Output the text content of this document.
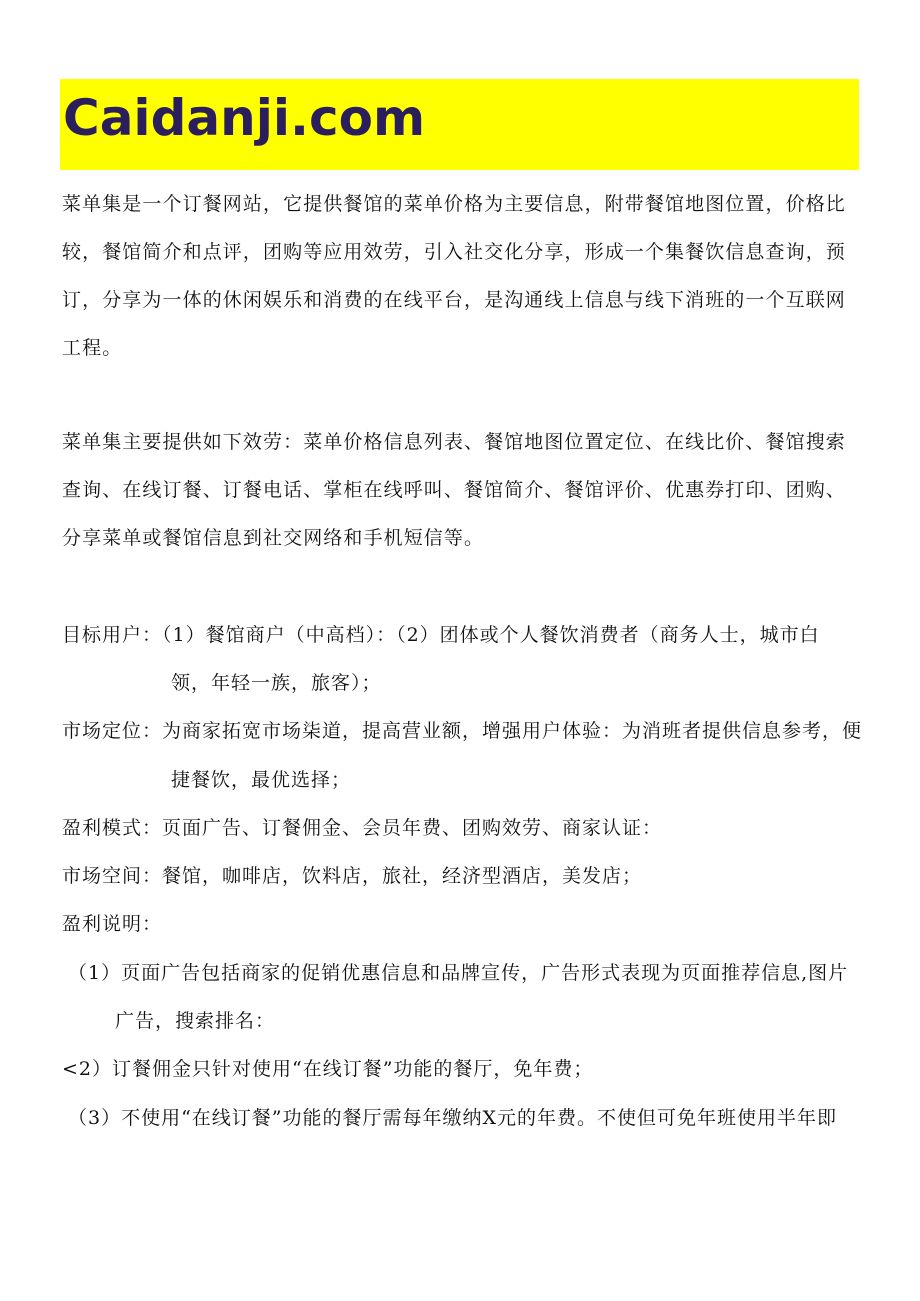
Caidanji.com

菜单集是一个订餐网站，它提供餐馆的菜单价格为主要信息，附带餐馆地图位置，价格比较，餐馆简介和点评，团购等应用效劳，引入社交化分享，形成一个集餐饮信息查询，预订，分享为一体的休闲娱乐和消费的在线平台，是沟通线上信息与线下消班的一个互联网工程。

菜单集主要提供如下效劳：菜单价格信息列表、餐馆地图位置定位、在线比价、餐馆搜索查询、在线订餐、订餐电话、掌柜在线呼叫、餐馆简介、餐馆评价、优惠券打印、团购、分享菜单或餐馆信息到社交网络和手机短信等。

目标用户：（1）餐馆商户（中高档）：（2）团体或个人餐饮消费者（商务人士，城市白

领，年轻一族，旅客）；

市场定位：为商家拓宽市场柒道，提高营业额，增强用户体验：为消班者提供信息参考，便

捷餐饮，最优选择；

盈利模式：页面广告、订餐佣金、会员年费、团购效劳、商家认证：

市场空间：餐馆，咖啡店，饮料店，旅社，经济型酒店，美发店；

盈利说明：

（1）页面广告包括商家的促销优惠信息和品牌宣传，广告形式表现为页面推荐信息,图片

广告，搜索排名：

<2）订餐佣金只针对使用“在线订餐”功能的餐厅，免年费；

（3）不使用“在线订餐”功能的餐厅需每年缴纳X元的年费。不使但可免年班使用半年即
